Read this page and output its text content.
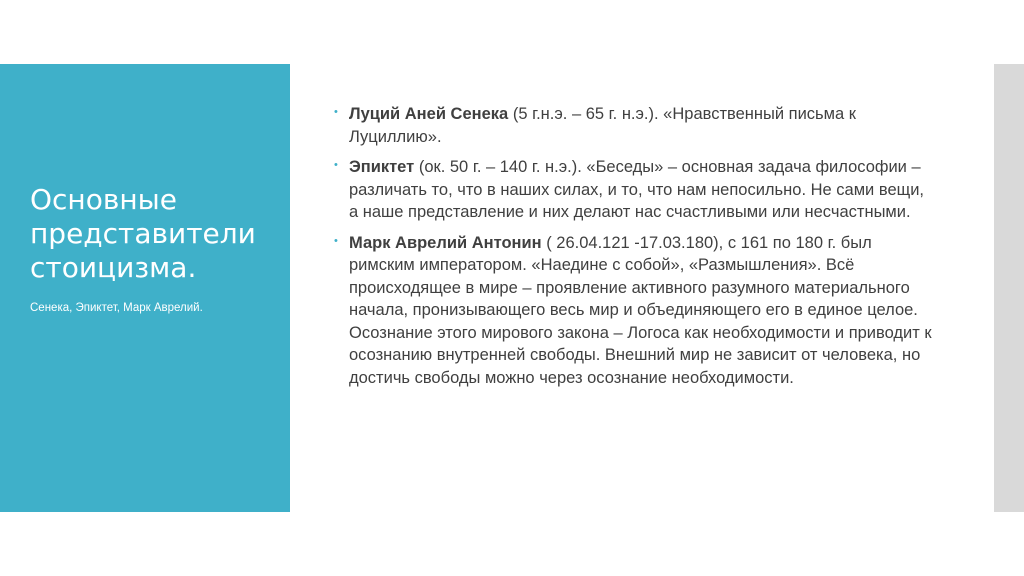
Основные представители стоицизма.

Сенека, Эпиктет, Марк Аврелий.

• Луций Аней Сенека (5 г.н.э. – 65 г. н.э.). «Нравственный письма к Луциллию».
• Эпиктет (ок. 50 г. – 140 г. н.э.). «Беседы» – основная задача философии – различать то, что в наших силах, и то, что нам непосильно. Не сами вещи, а наше представление и них делают нас счастливыми или несчастными.
• Марк Аврелий Антонин ( 26.04.121 -17.03.180), с 161 по 180 г. был римским императором. «Наедине с собой», «Размышления». Всё происходящее в мире – проявление активного разумного материального начала, пронизывающего весь мир и объединяющего его в единое целое. Осознание этого мирового закона – Логоса как необходимости и приводит к осознанию внутренней свободы. Внешний мир не зависит от человека, но достичь свободы можно через осознание необходимости.
